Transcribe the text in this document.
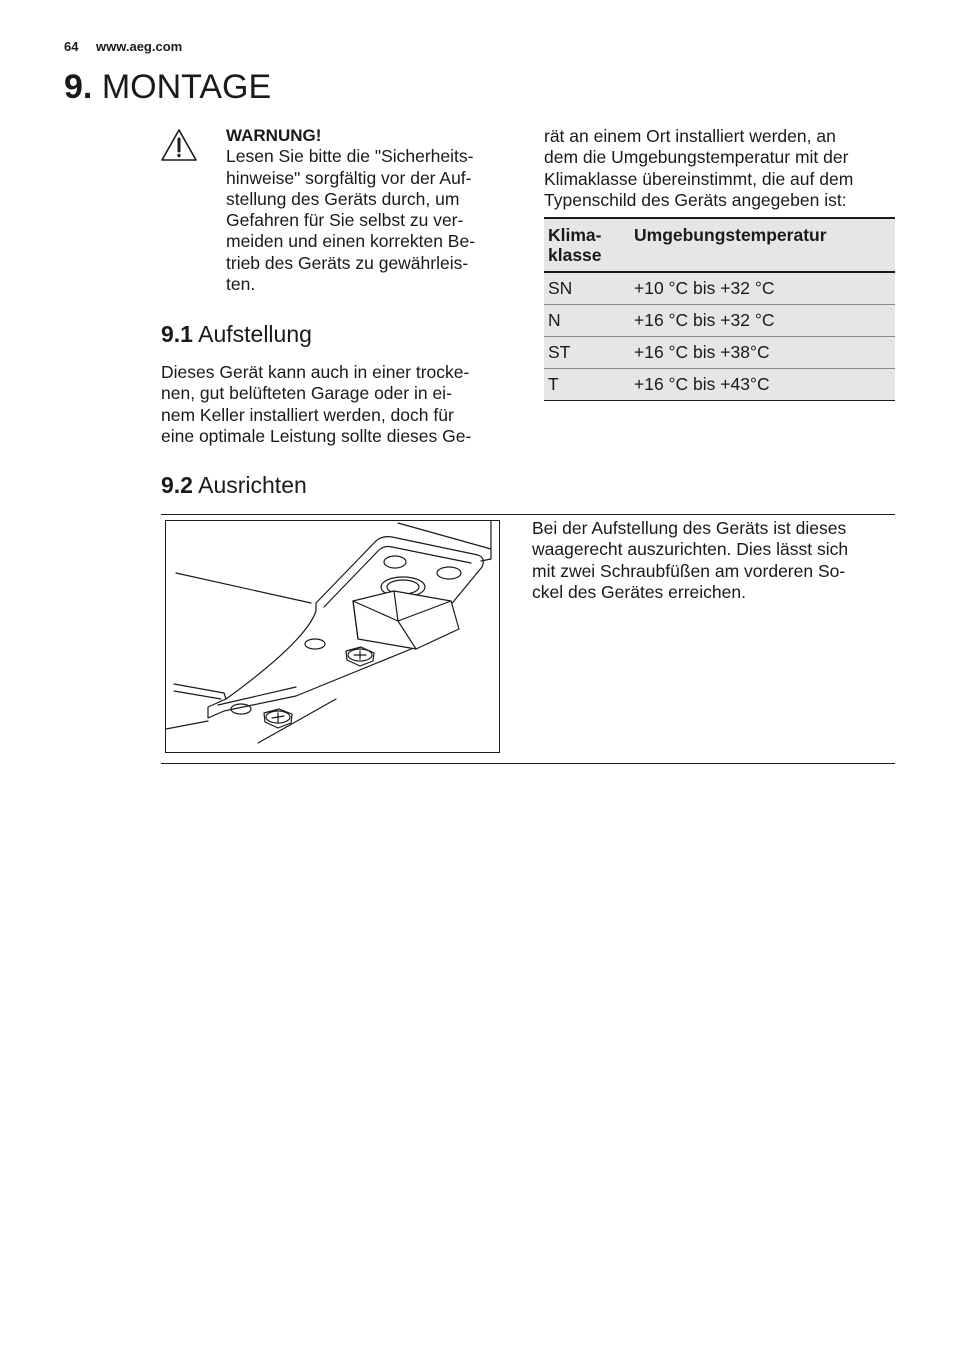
64 www.aeg.com
9. MONTAGE
WARNUNG!
Lesen Sie bitte die "Sicherheits-
hinweise" sorgfältig vor der Auf-
stellung des Geräts durch, um
Gefahren für Sie selbst zu ver-
meiden und einen korrekten Be-
trieb des Geräts zu gewährleis-
ten.
9.1 Aufstellung
Dieses Gerät kann auch in einer trocke-
nen, gut belüfteten Garage oder in ei-
nem Keller installiert werden, doch für
eine optimale Leistung sollte dieses Ge-
rät an einem Ort installiert werden, an
dem die Umgebungstemperatur mit der
Klimaklasse übereinstimmt, die auf dem
Typenschild des Geräts angegeben ist:
Klima-
klasse	Umgebungstemperatur

SN	+10 °C bis +32 °C
N	+16 °C bis +32 °C
ST	+16 °C bis +38°C
T	+16 °C bis +43°C
9.2 Ausrichten
Bei der Aufstellung des Geräts ist dieses
waagerecht auszurichten. Dies lässt sich
mit zwei Schraubfüßen am vorderen So-
ckel des Gerätes erreichen.
